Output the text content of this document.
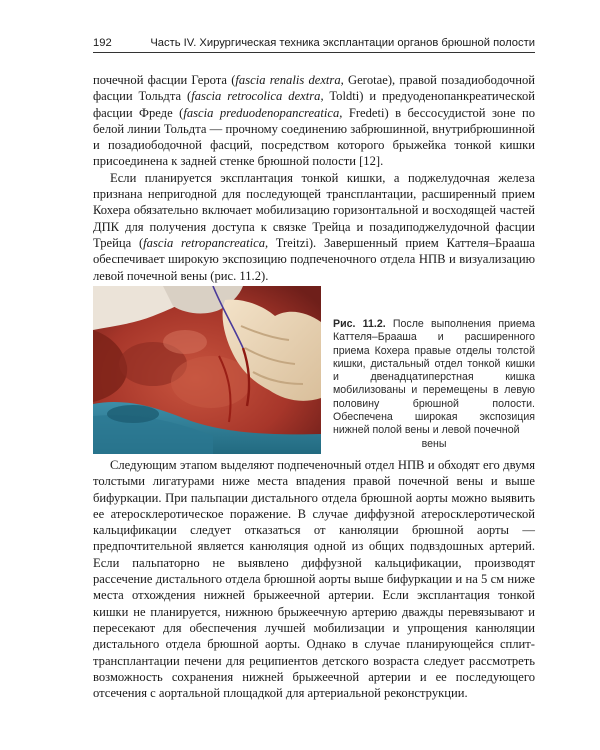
192	Часть IV. Хирургическая техника эксплантации органов брюшной полости

почечной фасции Герота (fascia renalis dextra, Gerotae), правой позадиободочной фасции Тольдта (fascia retrocolica dextra, Toldti) и предуоденопанкреатической фасции Фреде (fascia preduodenopancreatica, Fredeti) в бессосудистой зоне по белой линии Тольдта — прочному соединению забрюшинной, внутрибрюшинной и позадиободочной фасций, посредством которого брыжейка тонкой кишки присоединена к задней стенке брюшной полости [12].

Если планируется эксплантация тонкой кишки, а поджелудочная железа признана непригодной для последующей трансплантации, расширенный прием Кохера обязательно включает мобилизацию горизонтальной и восходящей частей ДПК для получения доступа к связке Трейца и позадиподжелудочной фасции Трейца (fascia retropancreatica, Treitzi). Завершенный прием Каттеля–Брааша обеспечивает широкую экспозицию подпеченочного отдела НПВ и визуализацию левой почечной вены (рис. 11.2).

Рис. 11.2. После выполнения приема Каттеля–Брааша и расширенного приема Кохера правые отделы толстой кишки, дистальный отдел тонкой кишки и двенадцатиперстная кишка мобилизованы и перемещены в левую половину брюшной полости. Обеспечена широкая экспозиция нижней полой вены и левой почечной
вены

Следующим этапом выделяют подпеченочный отдел НПВ и обходят его двумя толстыми лигатурами ниже места впадения правой почечной вены и выше бифуркации. При пальпации дистального отдела брюшной аорты можно выявить ее атеросклеротическое поражение. В случае диффузной атеросклеротической кальцификации следует отказаться от канюляции брюшной аорты — предпочтительной является канюляция одной из общих подвздошных артерий. Если пальпаторно не выявлено диффузной кальцификации, производят рассечение дистального отдела брюшной аорты выше бифуркации и на 5 см ниже места отхождения нижней брыжеечной артерии. Если эксплантация тонкой кишки не планируется, нижнюю брыжеечную артерию дважды перевязывают и пересекают для обеспечения лучшей мобилизации и упрощения канюляции дистального отдела брюшной аорты. Однако в случае планирующейся сплит-трансплантации печени для реципиентов детского возраста следует рассмотреть возможность сохранения нижней брыжеечной артерии и ее последующего отсечения с аортальной площадкой для артериальной реконструкции.
